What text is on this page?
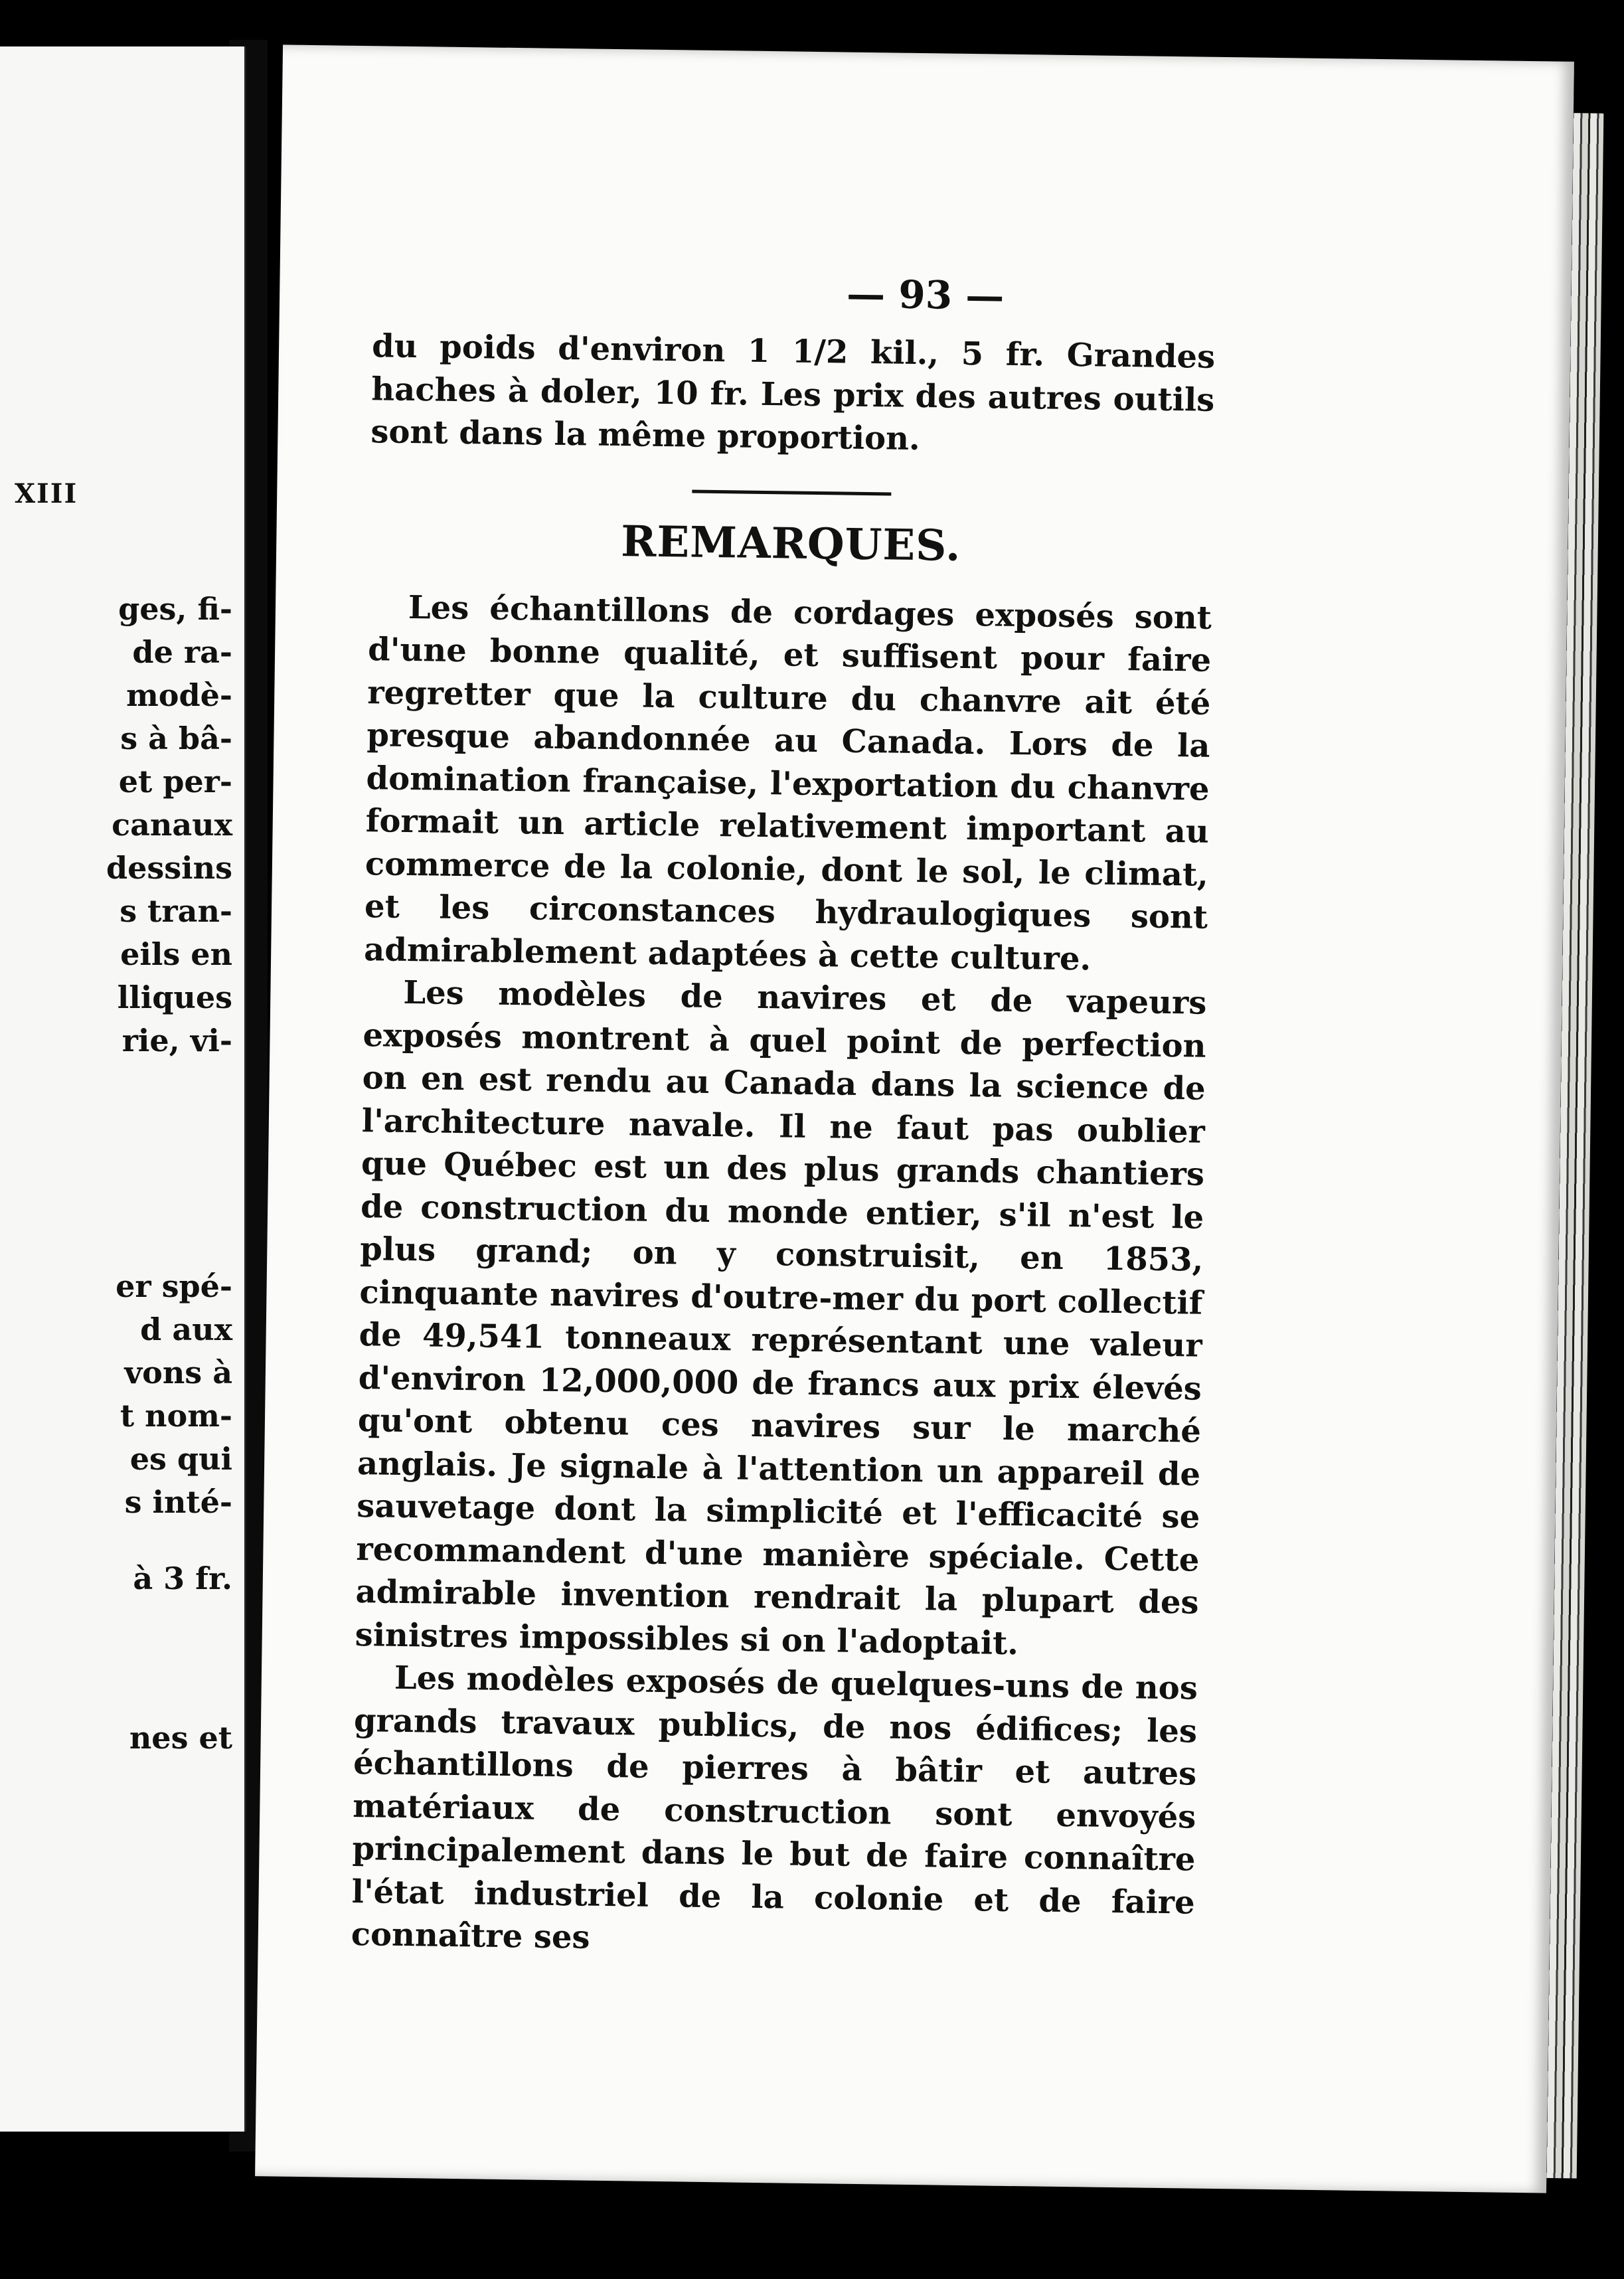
XIII
ges, fi-
de ra-
modè-
s à bâ-
et per-
canaux
dessins
s tran-
eils en
lliques
rie, vi-
er spé-
d aux
vons à
t nom-
es qui
s inté-
à 3 fr.
nes et
— 93 —

du poids d'environ 1 1/2 kil., 5 fr. Grandes haches à doler, 10 fr. Les prix des autres outils sont dans la même proportion.

REMARQUES.

Les échantillons de cordages exposés sont d'une bonne qualité, et suffisent pour faire regretter que la culture du chanvre ait été presque abandonnée au Canada. Lors de la domination française, l'exportation du chanvre formait un article relativement important au commerce de la colonie, dont le sol, le climat, et les circonstances hydraulogiques sont admirablement adaptées à cette culture.

Les modèles de navires et de vapeurs exposés montrent à quel point de perfection on en est rendu au Canada dans la science de l'architecture navale. Il ne faut pas oublier que Québec est un des plus grands chantiers de construction du monde entier, s'il n'est le plus grand; on y construisit, en 1853, cinquante navires d'outre-mer du port collectif de 49,541 tonneaux représentant une valeur d'environ 12,000,000 de francs aux prix élevés qu'ont obtenu ces navires sur le marché anglais. Je signale à l'attention un appareil de sauvetage dont la simplicité et l'efficacité se recommandent d'une manière spéciale. Cette admirable invention rendrait la plupart des sinistres impossibles si on l'adoptait.

Les modèles exposés de quelques-uns de nos grands travaux publics, de nos édifices; les échantillons de pierres à bâtir et autres matériaux de construction sont envoyés principalement dans le but de faire connaître l'état industriel de la colonie et de faire connaître ses
